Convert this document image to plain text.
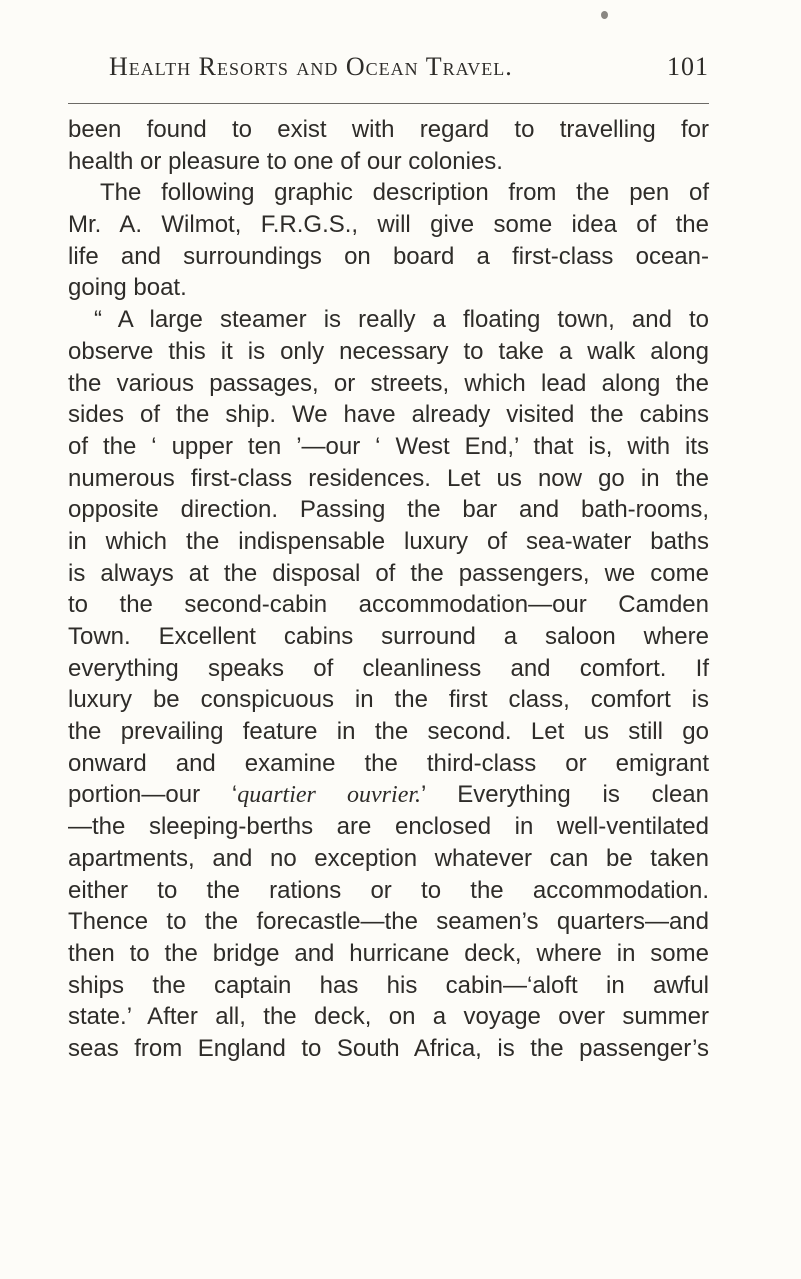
Health Resorts and Ocean Travel.	101
been found to exist with regard to travelling for
health or pleasure to one of our colonies.
The following graphic description from the pen of
Mr. A. Wilmot, F.R.G.S., will give some idea of the
life and surroundings on board a first-class ocean-
going boat.
“ A large steamer is really a floating town, and to
observe this it is only necessary to take a walk along
the various passages, or streets, which lead along the
sides of the ship. We have already visited the cabins
of the ‘ upper ten ’—our ‘ West End,’ that is, with its
numerous first-class residences. Let us now go in the
opposite direction. Passing the bar and bath-rooms,
in which the indispensable luxury of sea-water baths
is always at the disposal of the passengers, we come
to the second-cabin accommodation—our Camden
Town. Excellent cabins surround a saloon where
everything speaks of cleanliness and comfort. If
luxury be conspicuous in the first class, comfort is
the prevailing feature in the second. Let us still go
onward and examine the third-class or emigrant
portion—our ‘quartier ouvrier.’ Everything is clean
—the sleeping-berths are enclosed in well-ventilated
apartments, and no exception whatever can be taken
either to the rations or to the accommodation.
Thence to the forecastle—the seamen’s quarters—and
then to the bridge and hurricane deck, where in some
ships the captain has his cabin—‘aloft in awful
state.’ After all, the deck, on a voyage over summer
seas from England to South Africa, is the passenger’s
